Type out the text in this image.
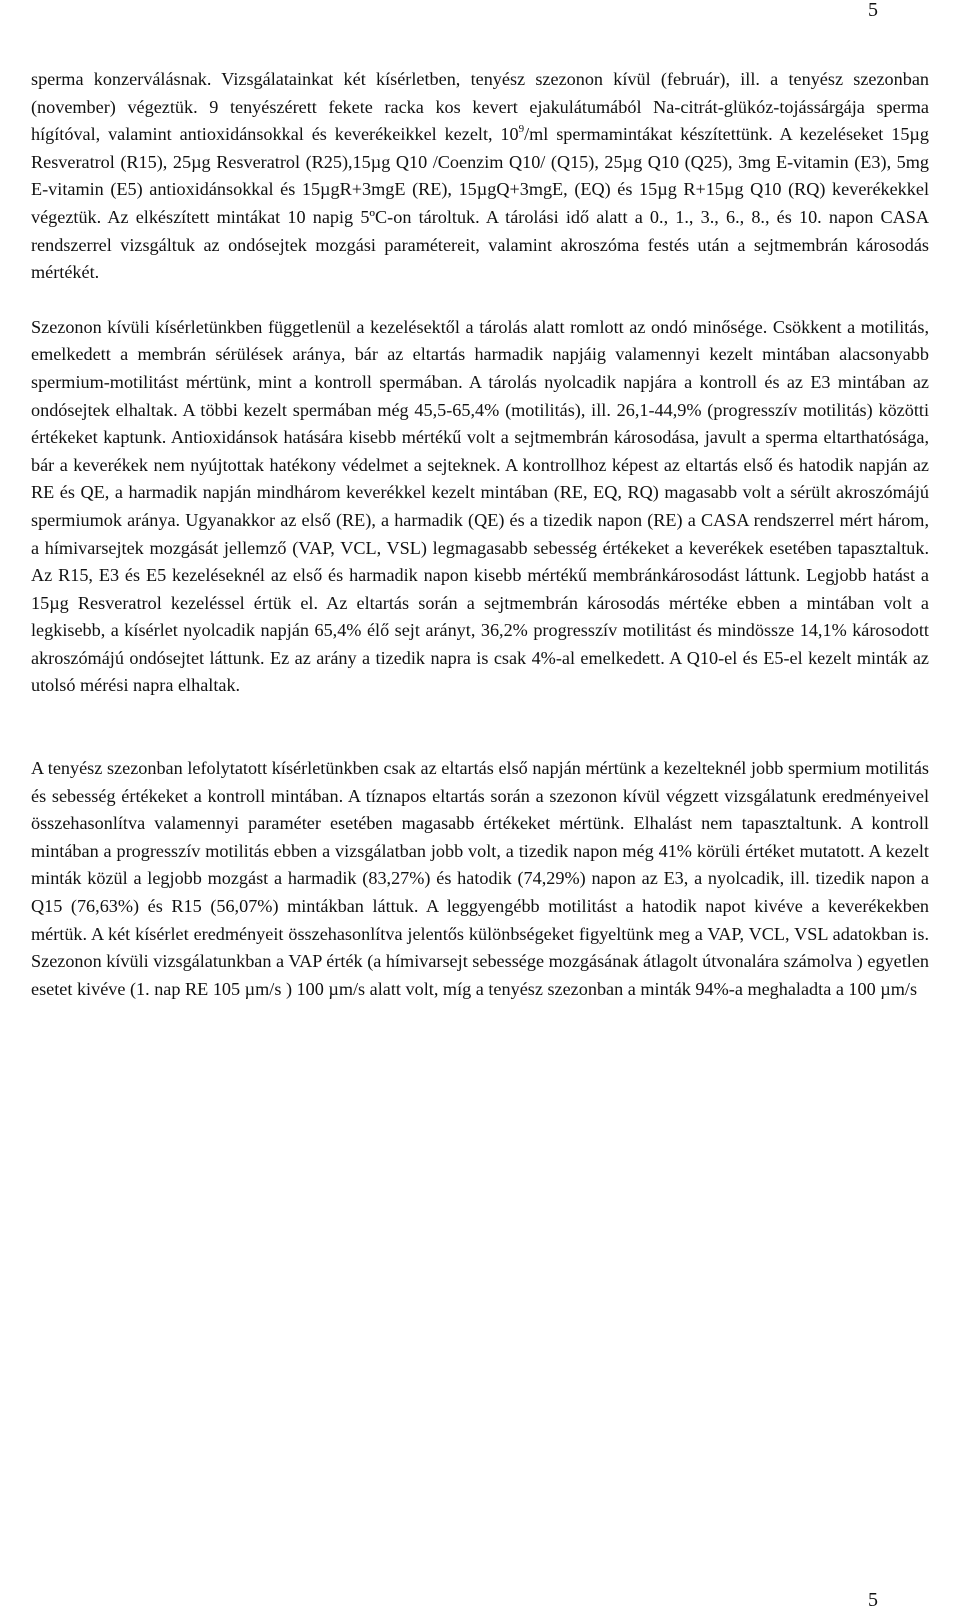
5

sperma konzerválásnak. Vizsgálatainkat két kísérletben, tenyész szezonon kívül (február), ill. a tenyész szezonban (november) végeztük. 9 tenyészérett fekete racka kos kevert ejakulátumából Na-citrát-glükóz-tojássárgája sperma hígítóval, valamint antioxidánsokkal és keverékeikkel kezelt, $10^9/ml$ spermamintákat készítettünk. A kezeléseket 15µg Resveratrol (R15), 25µg Resveratrol (R25),15µg Q10 /Coenzim Q10/ (Q15), 25µg Q10 (Q25), 3mg E-vitamin (E3), 5mg E-vitamin (E5) antioxidánsokkal és 15µgR+3mgE (RE), 15µgQ+3mgE, (EQ) és 15µg R+15µg Q10 (RQ) keverékekkel végeztük. Az elkészített mintákat 10 napig 5ºC-on tároltuk. A tárolási idő alatt a 0., 1., 3., 6., 8., és 10. napon CASA rendszerrel vizsgáltuk az ondósejtek mozgási paramétereit, valamint akroszóma festés után a sejtmembrán károsodás mértékét.

Szezonon kívüli kísérletünkben függetlenül a kezelésektől a tárolás alatt romlott az ondó minősége. Csökkent a motilitás, emelkedett a membrán sérülések aránya, bár az eltartás harmadik napjáig valamennyi kezelt mintában alacsonyabb spermium-motilitást mértünk, mint a kontroll spermában. A tárolás nyolcadik napjára a kontroll és az E3 mintában az ondósejtek elhaltak. A többi kezelt spermában még 45,5-65,4% (motilitás), ill. 26,1-44,9% (progresszív motilitás) közötti értékeket kaptunk. Antioxidánsok hatására kisebb mértékű volt a sejtmembrán károsodása, javult a sperma eltarthatósága, bár a keverékek nem nyújtottak hatékony védelmet a sejteknek. A kontrollhoz képest az eltartás első és hatodik napján az RE és QE, a harmadik napján mindhárom keverékkel kezelt mintában (RE, EQ, RQ) magasabb volt a sérült akroszómájú spermiumok aránya. Ugyanakkor az első (RE), a harmadik (QE) és a tizedik napon (RE) a CASA rendszerrel mért három, a hímivarsejtek mozgását jellemző (VAP, VCL, VSL) legmagasabb sebesség értékeket a keverékek esetében tapasztaltuk. Az R15, E3 és E5 kezeléseknél az első és harmadik napon kisebb mértékű membránkárosodást láttunk. Legjobb hatást a 15µg Resveratrol kezeléssel értük el. Az eltartás során a sejtmembrán károsodás mértéke ebben a mintában volt a legkisebb, a kísérlet nyolcadik napján 65,4% élő sejt arányt, 36,2% progresszív motilitást és mindössze 14,1% károsodott akroszómájú ondósejtet láttunk. Ez az arány a tizedik napra is csak 4%-al emelkedett. A Q10-el és E5-el kezelt minták az utolsó mérési napra elhaltak.

A tenyész szezonban lefolytatott kísérletünkben csak az eltartás első napján mértünk a kezelteknél jobb spermium motilitás és sebesség értékeket a kontroll mintában. A tíznapos eltartás során a szezonon kívül végzett vizsgálatunk eredményeivel összehasonlítva valamennyi paraméter esetében magasabb értékeket mértünk. Elhalást nem tapasztaltunk. A kontroll mintában a progresszív motilitás ebben a vizsgálatban jobb volt, a tizedik napon még 41% körüli értéket mutatott. A kezelt minták közül a legjobb mozgást a harmadik (83,27%) és hatodik (74,29%) napon az E3, a nyolcadik, ill. tizedik napon a Q15 (76,63%) és R15 (56,07%) mintákban láttuk. A leggyengébb motilitást a hatodik napot kivéve a keverékekben mértük. A két kísérlet eredményeit összehasonlítva jelentős különbségeket figyeltünk meg a VAP, VCL, VSL adatokban is. Szezonon kívüli vizsgálatunkban a VAP érték (a hímivarsejt sebessége mozgásának átlagolt útvonalára számolva ) egyetlen esetet kivéve (1. nap RE 105 µm/s ) 100 µm/s alatt volt, míg a tenyész szezonban a minták 94%-a meghaladta a 100 µm/s

5
